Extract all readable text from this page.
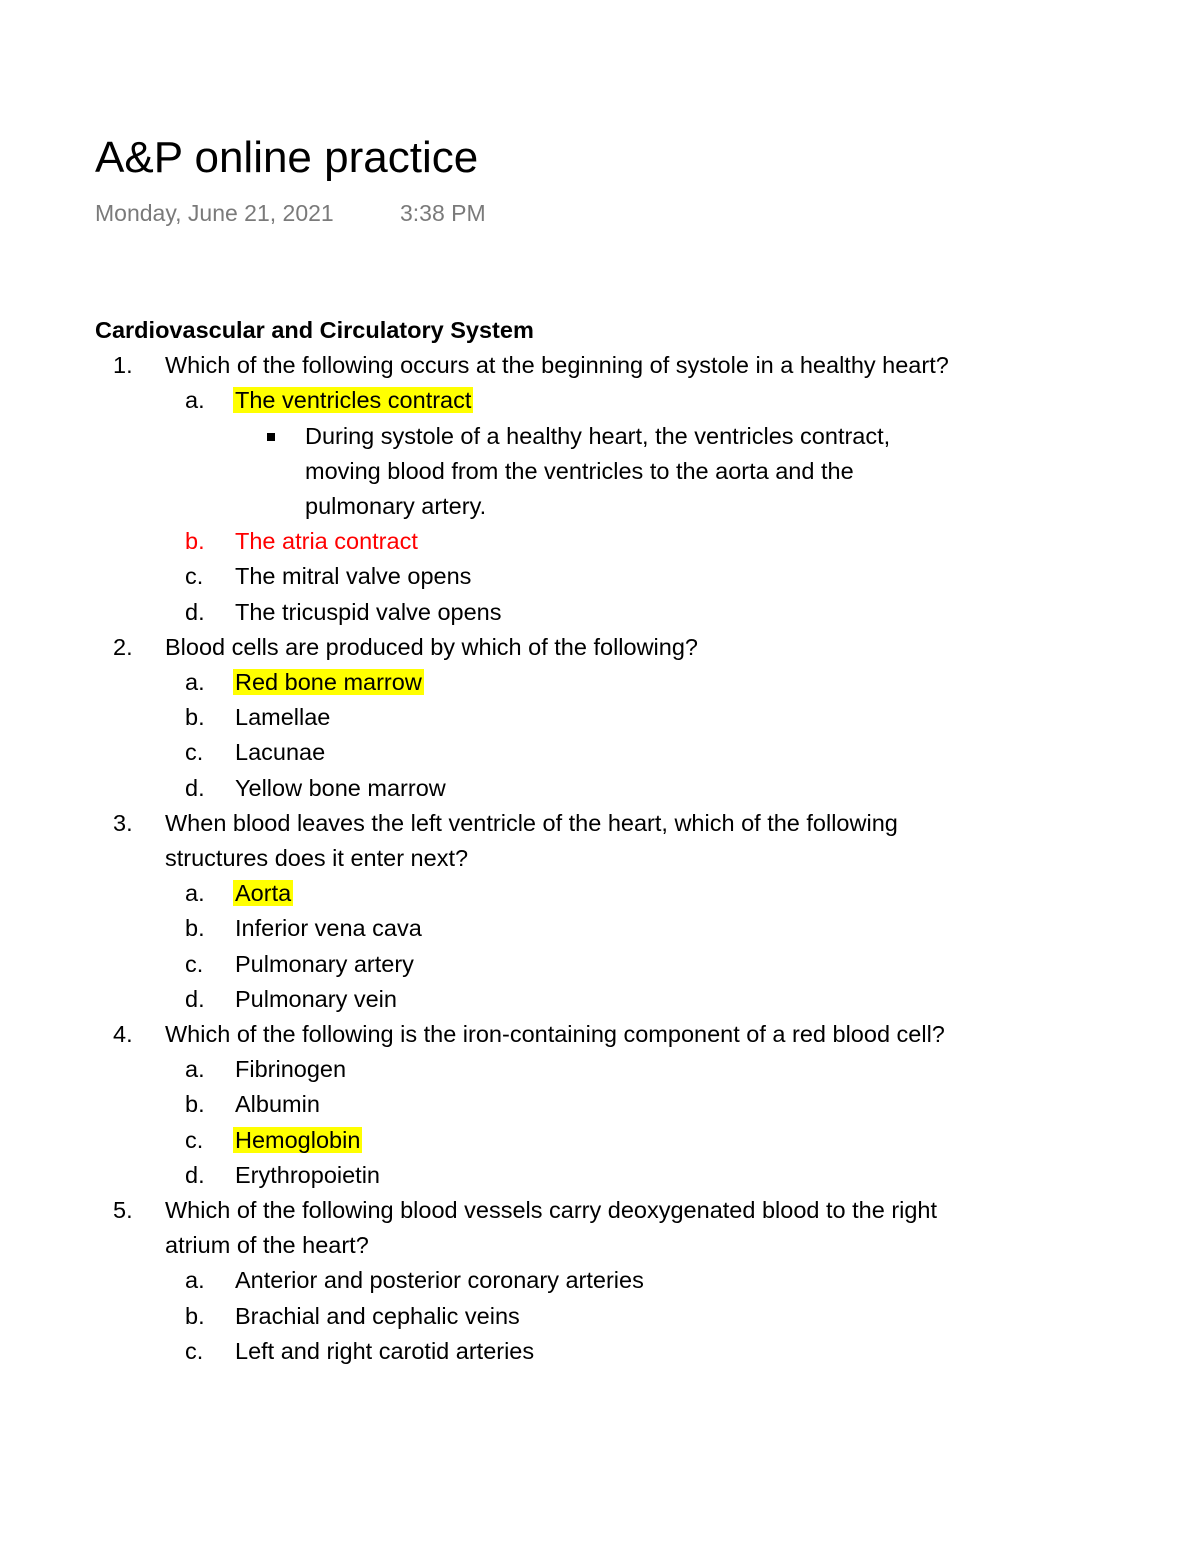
A&P online practice
Monday, June 21, 2021	3:38 PM
Cardiovascular and Circulatory System
1.	Which of the following occurs at the beginning of systole in a healthy heart?
a.	The ventricles contract
During systole of a healthy heart, the ventricles contract, moving blood from the ventricles to the aorta and the pulmonary artery.
b.	The atria contract
c.	The mitral valve opens
d.	The tricuspid valve opens
2.	Blood cells are produced by which of the following?
a.	Red bone marrow
b.	Lamellae
c.	Lacunae
d.	Yellow bone marrow
3.	When blood leaves the left ventricle of the heart, which of the following structures does it enter next?
a.	Aorta
b.	Inferior vena cava
c.	Pulmonary artery
d.	Pulmonary vein
4.	Which of the following is the iron-containing component of a red blood cell?
a.	Fibrinogen
b.	Albumin
c.	Hemoglobin
d.	Erythropoietin
5.	Which of the following blood vessels carry deoxygenated blood to the right atrium of the heart?
a.	Anterior and posterior coronary arteries
b.	Brachial and cephalic veins
c.	Left and right carotid arteries
